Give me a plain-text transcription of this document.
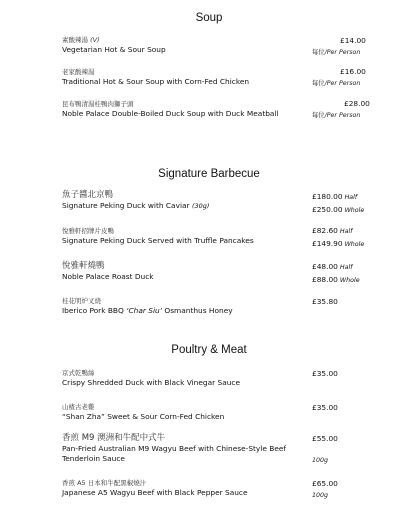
Soup
素酸辣湯 (V)
Vegetarian Hot & Sour Soup
£14.00
每位/Per Person
老家酸辣湯
Traditional Hot & Sour Soup with Corn-Fed Chicken
£16.00
每位/Per Person
昆布鴨清湯桂鴨肉獅子頭
Noble Palace Double-Boiled Duck Soup with Duck Meatball
£28.00
每位/Per Person
Signature Barbecue
魚子醬北京鴨
Signature Peking Duck with Caviar (30g)
£180.00 Half
£250.00 Whole
悅雅軒招牌片皮鴨
Signature Peking Duck Served with Truffle Pancakes
£82.60 Half
£149.90 Whole
悅雅軒燒鴨
Noble Palace Roast Duck
£48.00 Half
£88.00 Whole
桂花明炉叉烧
Iberico Pork BBQ ‘Char Siu’ Osmanthus Honey
£35.80
Poultry & Meat
京式乾鴨絲
Crispy Shredded Duck with Black Vinegar Sauce
£35.00
山楂古老雞
“Shan Zha” Sweet & Sour Corn-Fed Chicken
£35.00
香煎 M9 澳洲和牛配中式牛
Pan-Fried Australian M9 Wagyu Beef with Chinese-Style Beef
Tenderloin Sauce
£55.00
100g
香煎 A5 日本和牛配黑椒燒汁
Japanese A5 Wagyu Beef with Black Pepper Sauce
£65.00
100g
